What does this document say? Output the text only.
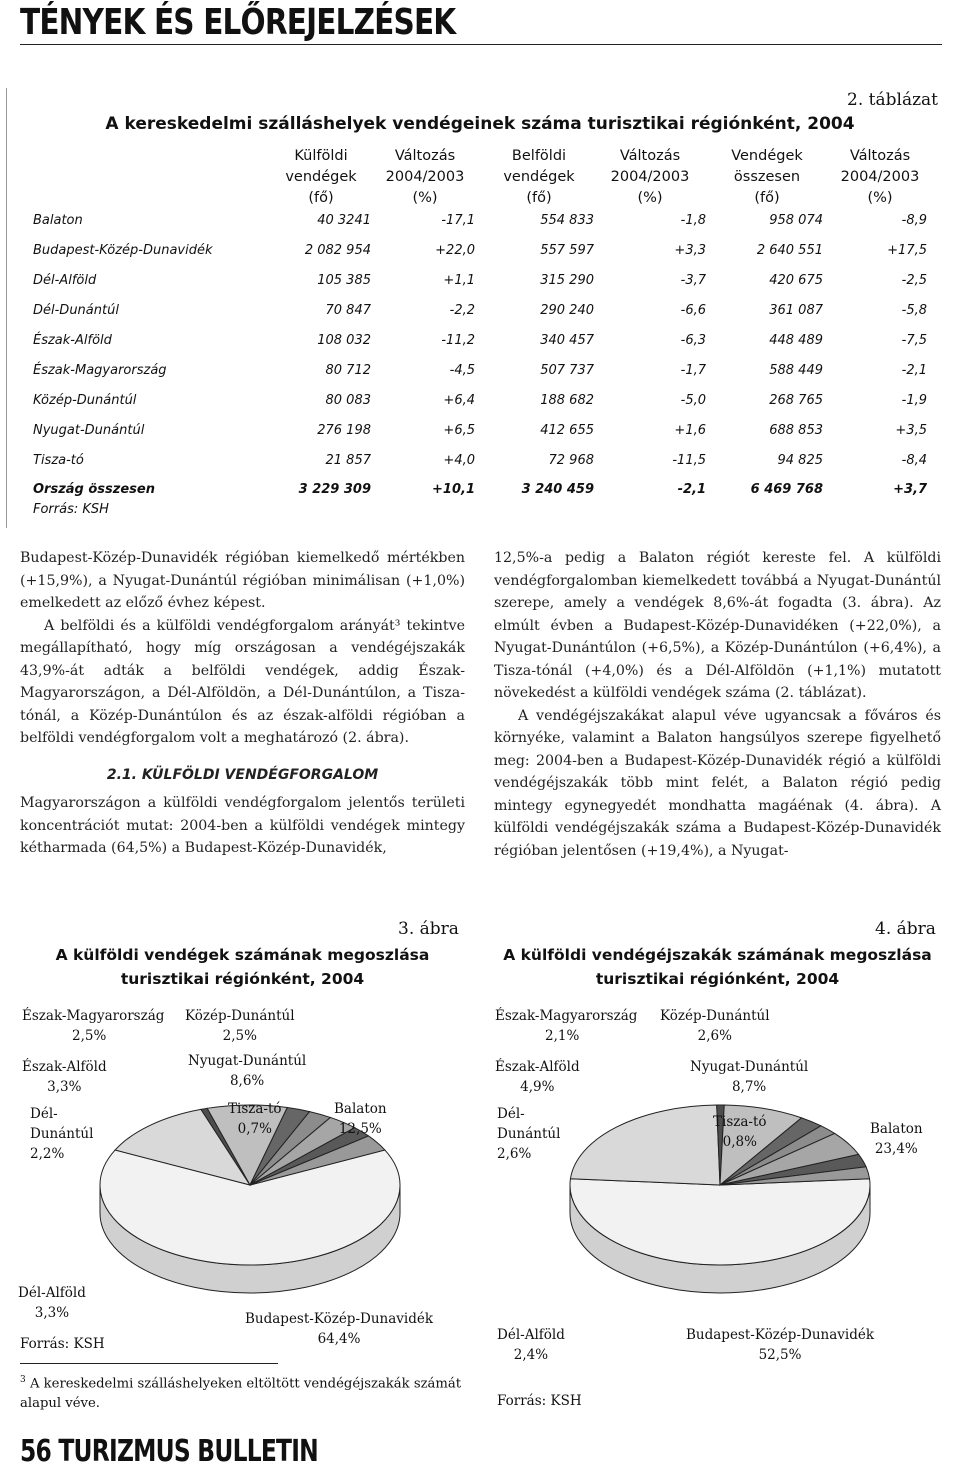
TÉNYEK ÉS ELŐREJELZÉSEK
2. táblázat
A kereskedelmi szálláshelyek vendégeinek száma turisztikai régiónként, 2004
Külföldi
vendégek
(fő)
Változás
2004/2003
(%)
Belföldi
vendégek
(fő)
Változás
2004/2003
(%)
Vendégek
összesen
(fő)
Változás
2004/2003
(%)
Balaton	40 3241	-17,1	554 833	-1,8	958 074	-8,9
Budapest-Közép-Dunavidék	2 082 954	+22,0	557 597	+3,3	2 640 551	+17,5
Dél-Alföld	105 385	+1,1	315 290	-3,7	420 675	-2,5
Dél-Dunántúl	70 847	-2,2	290 240	-6,6	361 087	-5,8
Észak-Alföld	108 032	-11,2	340 457	-6,3	448 489	-7,5
Észak-Magyarország	80 712	-4,5	507 737	-1,7	588 449	-2,1
Közép-Dunántúl	80 083	+6,4	188 682	-5,0	268 765	-1,9
Nyugat-Dunántúl	276 198	+6,5	412 655	+1,6	688 853	+3,5
Tisza-tó	21 857	+4,0	72 968	-11,5	94 825	-8,4
Ország összesen	3 229 309	+10,1	3 240 459	-2,1	6 469 768	+3,7
Forrás: KSH

Budapest-Közép-Dunavidék régióban kiemelkedő mértékben (+15,9%), a Nyugat-Dunántúl régióban minimálisan (+1,0%) emelkedett az előző évhez képest.

A belföldi és a külföldi vendégforgalom arányát³ tekintve megállapítható, hogy míg országosan a vendégéjszakák 43,9%-át adták a belföldi vendégek, addig Észak-Magyarországon, a Dél-Alföldön, a Dél-Dunántúlon, a Tisza-tónál, a Közép-Dunántúlon és az észak-alföldi régióban a belföldi vendégforgalom volt a meghatározó (2. ábra).

2.1. KÜLFÖLDI VENDÉGFORGALOM

Magyarországon a külföldi vendégforgalom jelentős területi koncentrációt mutat: 2004-ben a külföldi vendégek mintegy kétharmada (64,5%) a Budapest-Közép-Dunavidék,

12,5%-a pedig a Balaton régiót kereste fel. A külföldi vendégforgalomban kiemelkedett továbbá a Nyugat-Dunántúl szerepe, amely a vendégek 8,6%-át fogadta (3. ábra). Az elmúlt évben a Budapest-Közép-Dunavidéken (+22,0%), a Nyugat-Dunántúlon (+6,5%), a Közép-Dunántúlon (+6,4%), a Tisza-tónál (+4,0%) és a Dél-Alföldön (+1,1%) mutatott növekedést a külföldi vendégek száma (2. táblázat).

A vendégéjszakákat alapul véve ugyancsak a főváros és környéke, valamint a Balaton hangsúlyos szerepe figyelhető meg: 2004-ben a Budapest-Közép-Dunavidék régió a külföldi vendégéjszakák több mint felét, a Balaton régió pedig mintegy egynegyedét mondhatta magáénak (4. ábra). A külföldi vendégéjszakák száma a Budapest-Közép-Dunavidék régióban jelentősen (+19,4%), a Nyugat-

3. ábra
A külföldi vendégek számának megoszlása
turisztikai régiónként, 2004
Észak-Magyarország
2,5%
Közép-Dunántúl
2,5%
Észak-Alföld
3,3%
Nyugat-Dunántúl
8,6%
Tisza-tó
0,7%
Balaton
12,5%
Dél-
Dunántúl
2,2%
Dél-Alföld
3,3%	Budapest-Közép-Dunavidék
64,4%
Forrás: KSH
4. ábra
A külföldi vendégéjszakák számának megoszlása
turisztikai régiónként, 2004
Észak-Magyarország
2,1%
Közép-Dunántúl
2,6%
Észak-Alföld
4,9%
Nyugat-Dunántúl
8,7%
Tisza-tó
0,8%
Balaton
23,4%
Dél-
Dunántúl
2,6%
Dél-Alföld
2,4%
Budapest-Közép-Dunavidék
52,5%
Forrás: KSH
$^3$ A kereskedelmi szálláshelyeken eltöltött vendégéjszakák számát alapul véve.
56 TURIZMUS BULLETIN
